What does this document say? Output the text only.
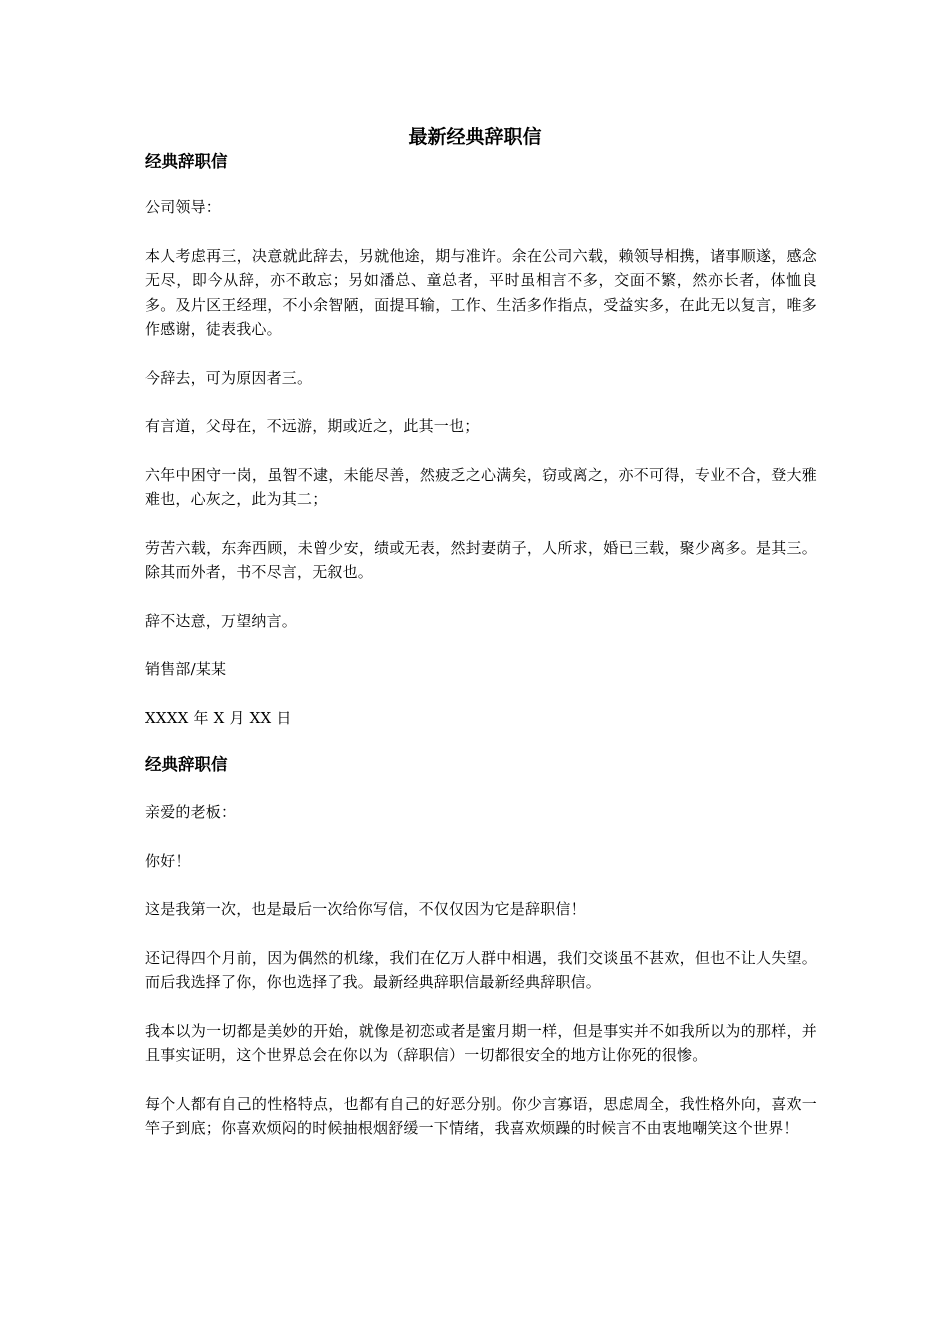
最新经典辞职信
经典辞职信

公司领导：

本人考虑再三，决意就此辞去，另就他途，期与准许。余在公司六载，赖领导相携，诸事顺遂，感念无尽，即今从辞，亦不敢忘；另如潘总、童总者，平时虽相言不多，交面不繁，然亦长者，体恤良多。及片区王经理，不小余智陋，面提耳输，工作、生活多作指点，受益实多，在此无以复言，唯多作感谢，徒表我心。

今辞去，可为原因者三。

有言道，父母在，不远游，期或近之，此其一也；

六年中困守一岗，虽智不逮，未能尽善，然疲乏之心满矣，窃或离之，亦不可得，专业不合，登大雅难也，心灰之，此为其二；

劳苦六载，东奔西顾，未曾少安，绩或无表，然封妻荫子，人所求，婚已三载，聚少离多。是其三。除其而外者，书不尽言，无叙也。

辞不达意，万望纳言。

销售部/某某

XXXX 年 X 月 XX 日

经典辞职信

亲爱的老板：

你好！

这是我第一次，也是最后一次给你写信，不仅仅因为它是辞职信！

还记得四个月前，因为偶然的机缘，我们在亿万人群中相遇，我们交谈虽不甚欢，但也不让人失望。而后我选择了你，你也选择了我。最新经典辞职信最新经典辞职信。

我本以为一切都是美妙的开始，就像是初恋或者是蜜月期一样，但是事实并不如我所以为的那样，并且事实证明，这个世界总会在你以为（辞职信）一切都很安全的地方让你死的很惨。

每个人都有自己的性格特点，也都有自己的好恶分别。你少言寡语，思虑周全，我性格外向，喜欢一竿子到底；你喜欢烦闷的时候抽根烟舒缓一下情绪，我喜欢烦躁的时候言不由衷地嘲笑这个世界！
